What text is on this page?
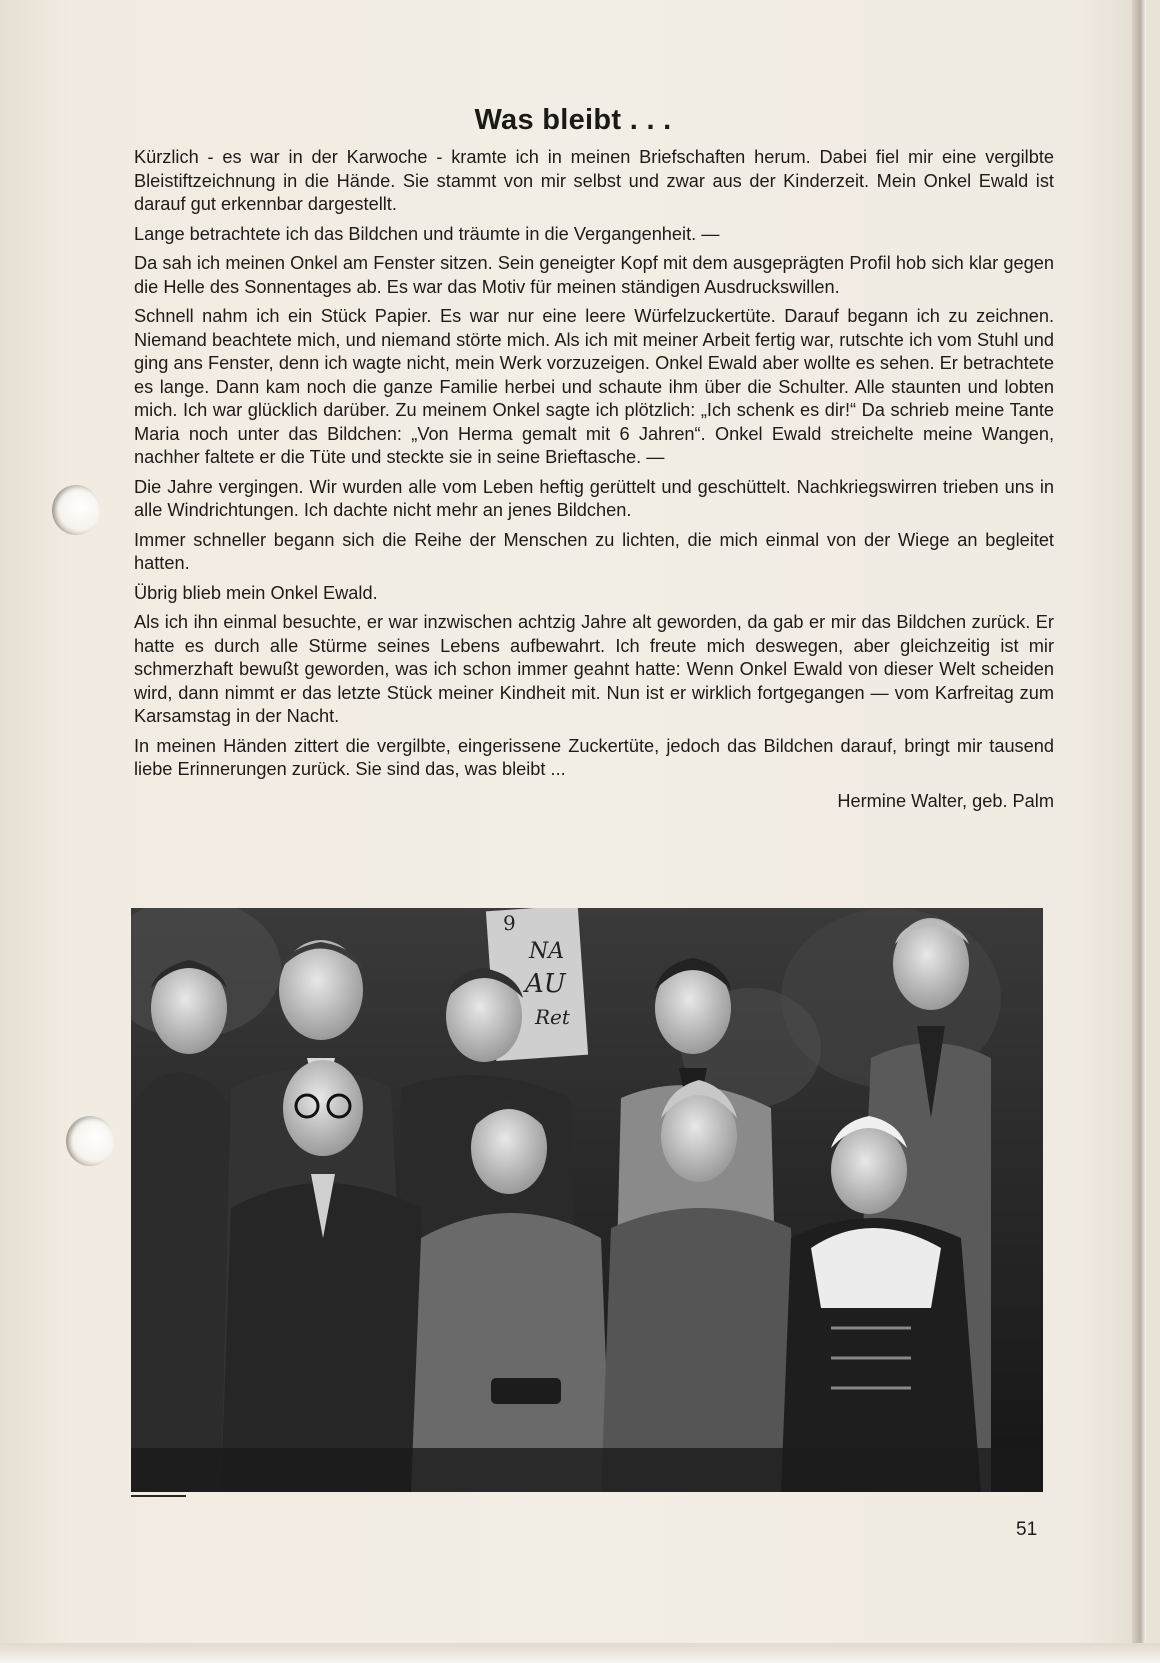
Was bleibt . . .

Kürzlich - es war in der Karwoche - kramte ich in meinen Briefschaften herum. Dabei fiel mir eine vergilbte Bleistiftzeichnung in die Hände. Sie stammt von mir selbst und zwar aus der Kinderzeit. Mein Onkel Ewald ist darauf gut erkennbar dargestellt.

Lange betrachtete ich das Bildchen und träumte in die Vergangenheit. —

Da sah ich meinen Onkel am Fenster sitzen. Sein geneigter Kopf mit dem ausgeprägten Profil hob sich klar gegen die Helle des Sonnentages ab. Es war das Motiv für meinen ständigen Ausdruckswillen.

Schnell nahm ich ein Stück Papier. Es war nur eine leere Würfelzuckertüte. Darauf begann ich zu zeichnen. Niemand beachtete mich, und niemand störte mich. Als ich mit meiner Arbeit fertig war, rutschte ich vom Stuhl und ging ans Fenster, denn ich wagte nicht, mein Werk vorzuzeigen. Onkel Ewald aber wollte es sehen. Er betrachtete es lange. Dann kam noch die ganze Familie herbei und schaute ihm über die Schulter. Alle staunten und lobten mich. Ich war glücklich darüber. Zu meinem Onkel sagte ich plötzlich: „Ich schenk es dir!“ Da schrieb meine Tante Maria noch unter das Bildchen: „Von Herma gemalt mit 6 Jahren“. Onkel Ewald streichelte meine Wangen, nachher faltete er die Tüte und steckte sie in seine Brieftasche. —

Die Jahre vergingen. Wir wurden alle vom Leben heftig gerüttelt und geschüttelt. Nachkriegswirren trieben uns in alle Windrichtungen. Ich dachte nicht mehr an jenes Bildchen.

Immer schneller begann sich die Reihe der Menschen zu lichten, die mich einmal von der Wiege an begleitet hatten.

Übrig blieb mein Onkel Ewald.

Als ich ihn einmal besuchte, er war inzwischen achtzig Jahre alt geworden, da gab er mir das Bildchen zurück. Er hatte es durch alle Stürme seines Lebens aufbewahrt. Ich freute mich deswegen, aber gleichzeitig ist mir schmerzhaft bewußt geworden, was ich schon immer geahnt hatte: Wenn Onkel Ewald von dieser Welt scheiden wird, dann nimmt er das letzte Stück meiner Kindheit mit. Nun ist er wirklich fortgegangen — vom Karfreitag zum Karsamstag in der Nacht.

In meinen Händen zittert die vergilbte, eingerissene Zuckertüte, jedoch das Bildchen darauf, bringt mir tausend liebe Erinnerungen zurück. Sie sind das, was bleibt ...

Hermine Walter, geb. Palm

9
NA
AU
Ret
51
